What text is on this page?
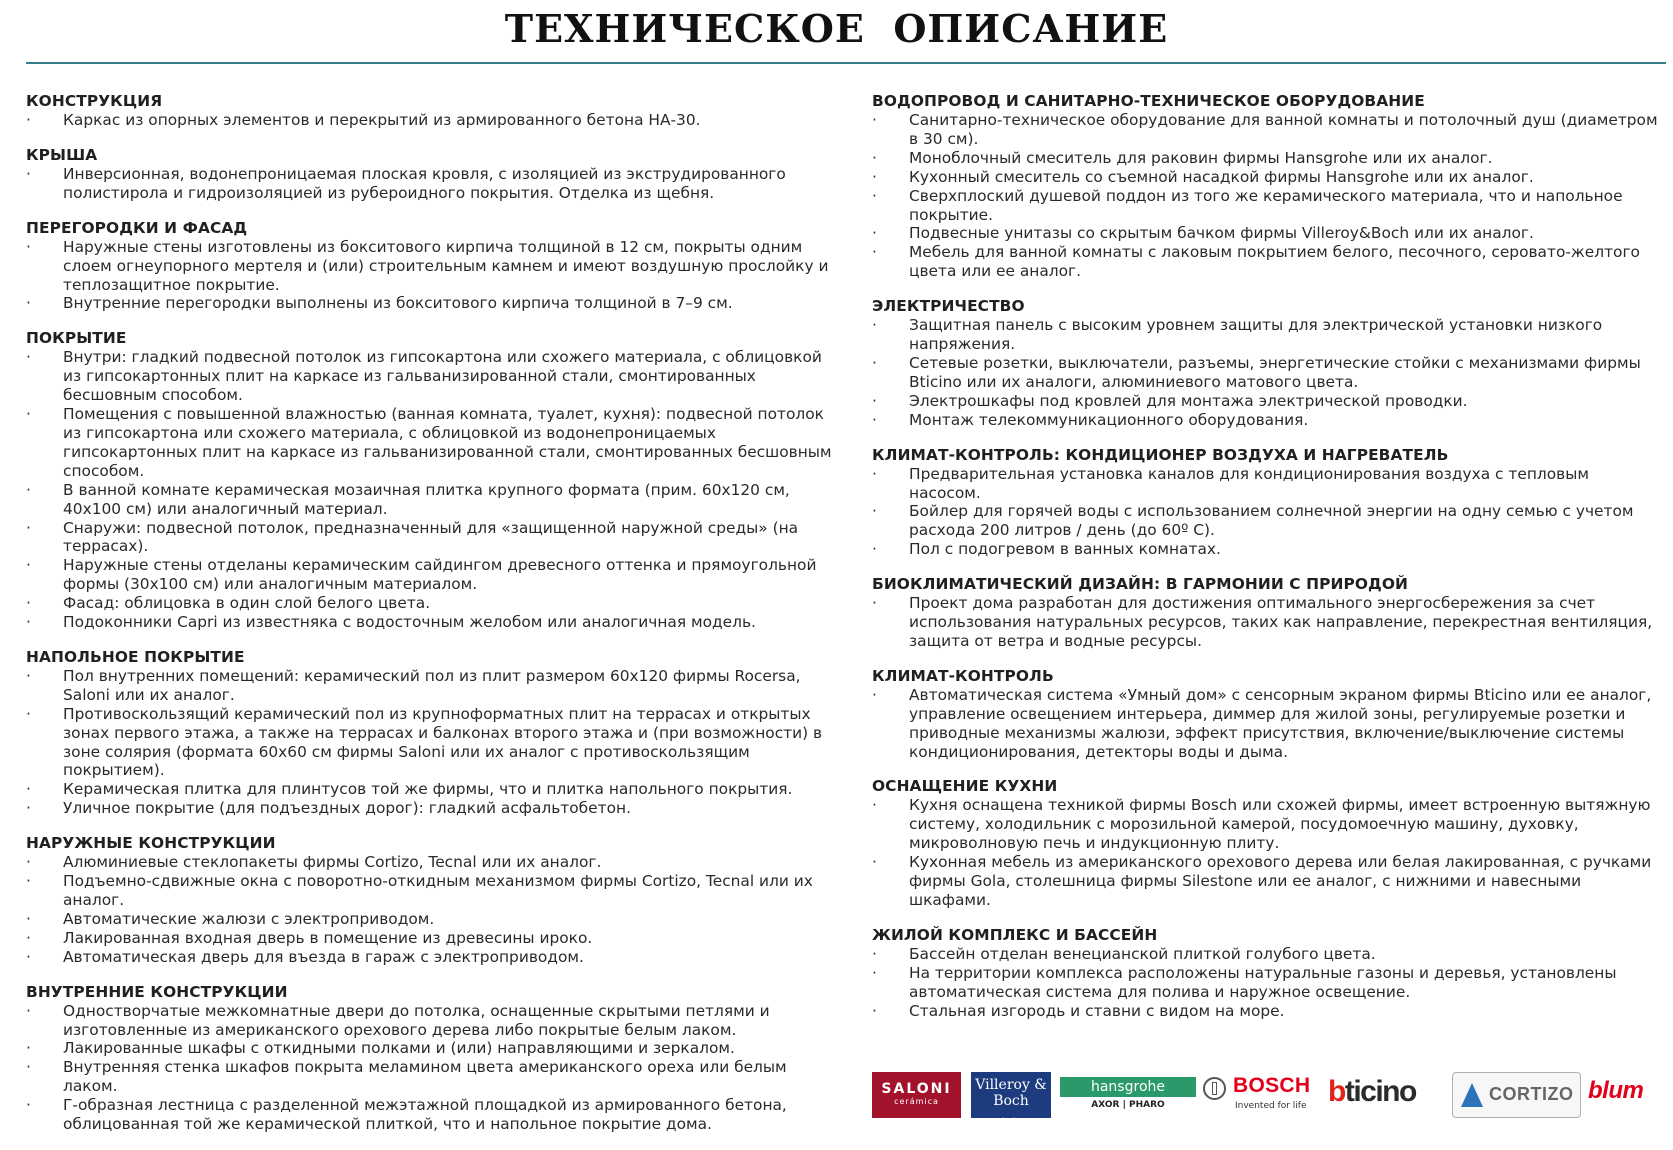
ТЕХНИЧЕСКОЕ  ОПИСАНИЕ
КОНСТРУКЦИЯ
· Каркас из опорных элементов и перекрытий из армированного бетона НА-30.
КРЫША
· Инверсионная, водонепроницаемая плоская кровля, с изоляцией из экструдированного полистирола и гидроизоляцией из рубероидного покрытия. Отделка из щебня.
ПЕРЕГОРОДКИ И ФАСАД
· Наружные стены изготовлены из бокситового кирпича толщиной в 12 см, покрыты одним слоем огнеупорного мертеля и (или) строительным камнем и имеют воздушную прослойку и теплозащитное покрытие.
· Внутренние перегородки выполнены из бокситового кирпича толщиной в 7–9 см.
ПОКРЫТИЕ
· Внутри: гладкий подвесной потолок из гипсокартона или схожего материала, с облицовкой из гипсокартонных плит на каркасе из гальванизированной стали, смонтированных бесшовным способом.
· Помещения с повышенной влажностью (ванная комната, туалет, кухня): подвесной потолок из гипсокартона или схожего материала, с облицовкой из водонепроницаемых гипсокартонных плит на каркасе из гальванизированной стали, смонтированных бесшовным способом.
· В ванной комнате керамическая мозаичная плитка крупного формата (прим. 60x120 см, 40x100 см) или аналогичный материал.
· Снаружи: подвесной потолок, предназначенный для «защищенной наружной среды» (на террасах).
· Наружные стены отделаны керамическим сайдингом древесного оттенка и прямоугольной формы (30x100 см) или аналогичным материалом.
· Фасад: облицовка в один слой белого цвета.
· Подоконники Capri из известняка с водосточным желобом или аналогичная модель.
НАПОЛЬНОЕ ПОКРЫТИЕ
· Пол внутренних помещений: керамический пол из плит размером 60x120 фирмы Rocersa, Saloni или их аналог.
· Противоскользящий керамический пол из крупноформатных плит на террасах и открытых зонах первого этажа, а также на террасах и балконах второго этажа и (при возможности) в зоне солярия (формата 60x60 см фирмы Saloni или их аналог с противоскользящим покрытием).
· Керамическая плитка для плинтусов той же фирмы, что и плитка напольного покрытия.
· Уличное покрытие (для подъездных дорог): гладкий асфальтобетон.
НАРУЖНЫЕ КОНСТРУКЦИИ
· Алюминиевые стеклопакеты фирмы Cortizo, Tecnal или их аналог.
· Подъемно-сдвижные окна с поворотно-откидным механизмом фирмы Cortizo, Tecnal или их аналог.
· Автоматические жалюзи с электроприводом.
· Лакированная входная дверь в помещение из древесины ироко.
· Автоматическая дверь для въезда в гараж с электроприводом.
ВНУТРЕННИЕ КОНСТРУКЦИИ
· Одностворчатые межкомнатные двери до потолка, оснащенные скрытыми петлями и изготовленные из американского орехового дерева либо покрытые белым лаком.
· Лакированные шкафы с откидными полками и (или) направляющими и зеркалом.
· Внутренняя стенка шкафов покрыта меламином цвета американского ореха или белым лаком.
· Г-образная лестница с разделенной межэтажной площадкой из армированного бетона, облицованная той же керамической плиткой, что и напольное покрытие дома.
ВОДОПРОВОД И САНИТАРНО-ТЕХНИЧЕСКОЕ ОБОРУДОВАНИЕ
· Санитарно-техническое оборудование для ванной комнаты и потолочный душ (диаметром в 30 см).
· Моноблочный смеситель для раковин фирмы Hansgrohe или их аналог.
· Кухонный смеситель со съемной насадкой фирмы Hansgrohe или их аналог.
· Сверхплоский душевой поддон из того же керамического материала, что и напольное покрытие.
· Подвесные унитазы со скрытым бачком фирмы Villeroy&Boch или их аналог.
· Мебель для ванной комнаты с лаковым покрытием белого, песочного, серовато-желтого цвета или ее аналог.
ЭЛЕКТРИЧЕСТВО
· Защитная панель с высоким уровнем защиты для электрической установки низкого напряжения.
· Сетевые розетки, выключатели, разъемы, энергетические стойки с механизмами фирмы Bticino или их аналоги, алюминиевого матового цвета.
· Электрошкафы под кровлей для монтажа электрической проводки.
· Монтаж телекоммуникационного оборудования.
КЛИМАТ-КОНТРОЛЬ: КОНДИЦИОНЕР ВОЗДУХА И НАГРЕВАТЕЛЬ
· Предварительная установка каналов для кондиционирования воздуха с тепловым насосом.
· Бойлер для горячей воды с использованием солнечной энергии на одну семью с учетом расхода 200 литров / день (до 60º C).
· Пол с подогревом в ванных комнатах.
БИОКЛИМАТИЧЕСКИЙ ДИЗАЙН: В ГАРМОНИИ С ПРИРОДОЙ
· Проект дома разработан для достижения оптимального энергосбережения за счет использования натуральных ресурсов, таких как направление, перекрестная вентиляция, защита от ветра и водные ресурсы.
КЛИМАТ-КОНТРОЛЬ
· Автоматическая система «Умный дом» с сенсорным экраном фирмы Bticino или ее аналог, управление освещением интерьера, диммер для жилой зоны, регулируемые розетки и приводные механизмы жалюзи, эффект присутствия, включение/выключение системы кондиционирования, детекторы воды и дыма.
ОСНАЩЕНИЕ КУХНИ
· Кухня оснащена техникой фирмы Bosch или схожей фирмы, имеет встроенную вытяжную систему, холодильник с морозильной камерой, посудомоечную машину, духовку, микроволновую печь и индукционную плиту.
· Кухонная мебель из американского орехового дерева или белая лакированная, с ручками фирмы Gola, столешница фирмы Silestone или ее аналог, с нижними и навесными шкафами.
ЖИЛОЙ КОМПЛЕКС И БАССЕЙН
· Бассейн отделан венецианской плиткой голубого цвета.
· На территории комплекса расположены натуральные газоны и деревья, установлены автоматическая система для полива и наружное освещение.
· Стальная изгородь и ставни с видом на море.
SALONI
cerámica
Villeroy & Boch
1748
hansgrohe
AXOR | PHARO
BOSCH
Invented for life bticino	CORTIZO blum
